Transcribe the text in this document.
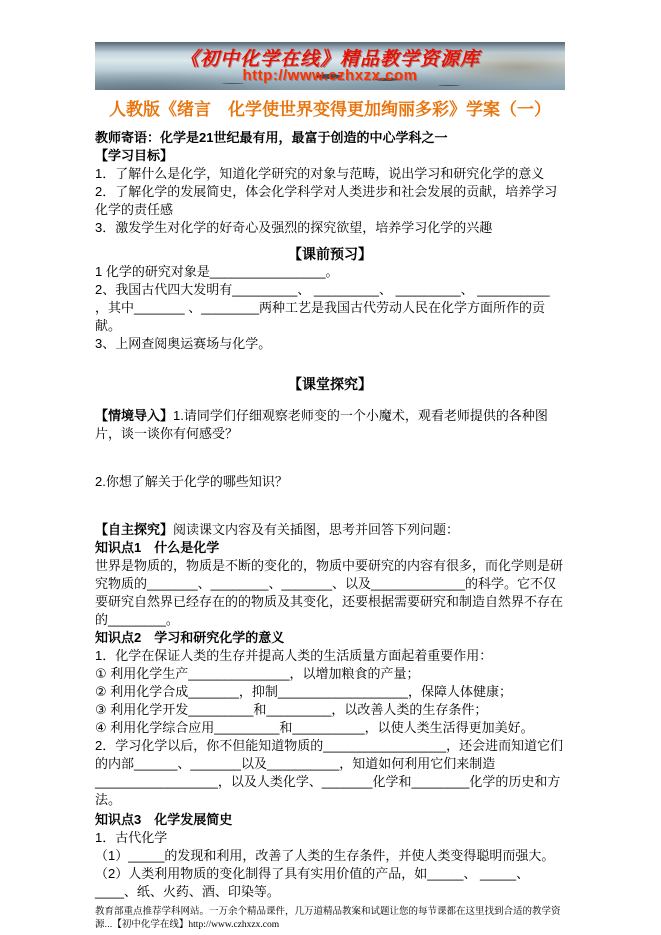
《初中化学在线》精品教学资源库
http://www.czhxzx.com
人教版《绪言　化学使世界变得更加绚丽多彩》学案（一）

教师寄语：化学是21世纪最有用，最富于创造的中心学科之一

【学习目标】

1．了解什么是化学，知道化学研究的对象与范畴，说出学习和研究化学的意义

2．了解化学的发展简史，体会化学科学对人类进步和社会发展的贡献，培养学习化学的责任感

3．激发学生对化学的好奇心及强烈的探究欲望，培养学习化学的兴趣

【课前预习】

1 化学的研究对象是________________。

2、我国古代四大发明有_________、 _________、 _________、 __________ ，其中_______ 、________两种工艺是我国古代劳动人民在化学方面所作的贡献。

3、上网查阅奥运赛场与化学。

【课堂探究】

【情境导入】1.请同学们仔细观察老师变的一个小魔术，观看老师提供的各种图片，谈一谈你有何感受？

2.你想了解关于化学的哪些知识？

【自主探究】阅读课文内容及有关插图，思考并回答下列问题：

知识点1　什么是化学

世界是物质的，物质是不断的变化的，物质中要研究的内容有很多，而化学则是研究物质的_______、________、_______、以及_____________的科学。它不仅要研究自然界已经存在的的物质及其变化，还要根据需要研究和制造自然界不存在的________。

知识点2　学习和研究化学的意义

1．化学在保证人类的生存并提高人类的生活质量方面起着重要作用：

① 利用化学生产______________，以增加粮食的产量；

② 利用化学合成_______，抑制__________________，保障人体健康；

③ 利用化学开发_________和_________，以改善人类的生存条件；

④ 利用化学综合应用_________和__________，以使人类生活得更加美好。

2．学习化学以后，你不但能知道物质的_________________，还会进而知道它们的内部______、_______以及__________，知道如何利用它们来制造_________________，以及人类化学、_______化学和________化学的历史和方法。

知识点3　化学发展简史

1．古代化学

（1）_____的发现和利用，改善了人类的生存条件，并使人类变得聪明而强大。

（2）人类利用物质的变化制得了具有实用价值的产品，如_____、 _____、 ____、纸、火药、酒、印染等。

教育部重点推荐学科网站。一万余个精品课件，几万道精品教案和试题让您的每节课都在这里找到合适的教学资源...【初中化学在线】http://www.czhxzx.com
